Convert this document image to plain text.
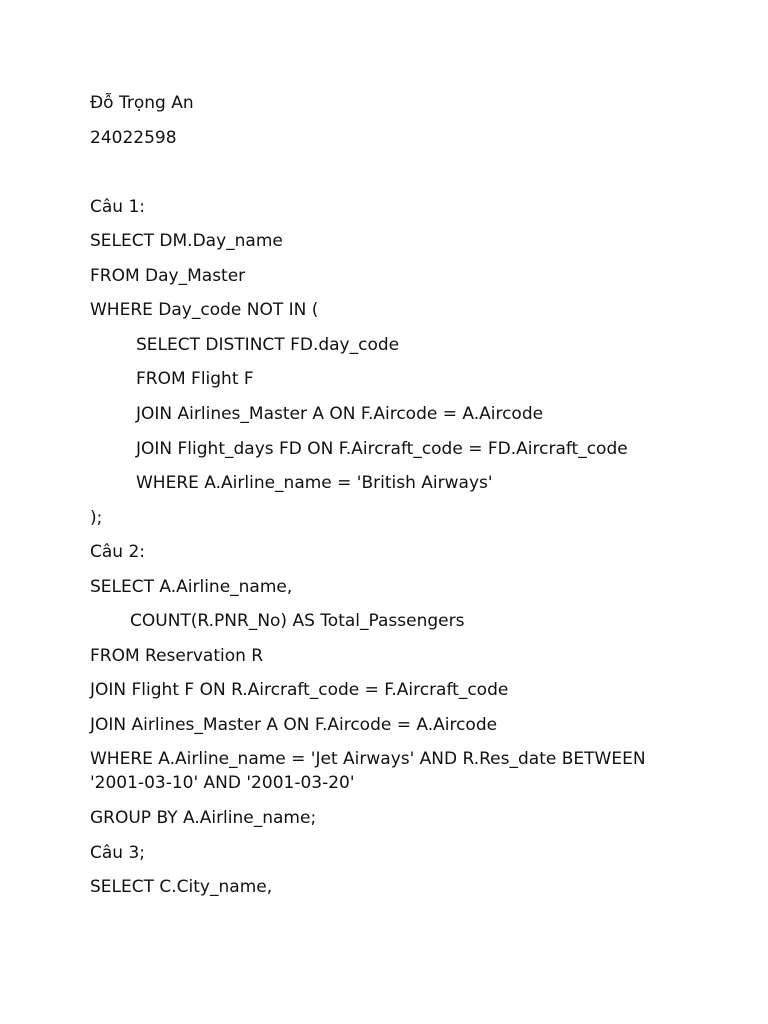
Đỗ Trọng An
24022598
Câu 1:
SELECT DM.Day_name
FROM Day_Master
WHERE Day_code NOT IN (
SELECT DISTINCT FD.day_code
FROM Flight F
JOIN Airlines_Master A ON F.Aircode = A.Aircode
JOIN Flight_days FD ON F.Aircraft_code = FD.Aircraft_code
WHERE A.Airline_name = 'British Airways'
);
Câu 2:
SELECT A.Airline_name,
COUNT(R.PNR_No) AS Total_Passengers
FROM Reservation R
JOIN Flight F ON R.Aircraft_code = F.Aircraft_code
JOIN Airlines_Master A ON F.Aircode = A.Aircode
WHERE A.Airline_name = 'Jet Airways' AND R.Res_date BETWEEN '2001-03-10' AND '2001-03-20'
GROUP BY A.Airline_name;
Câu 3;
SELECT C.City_name,
